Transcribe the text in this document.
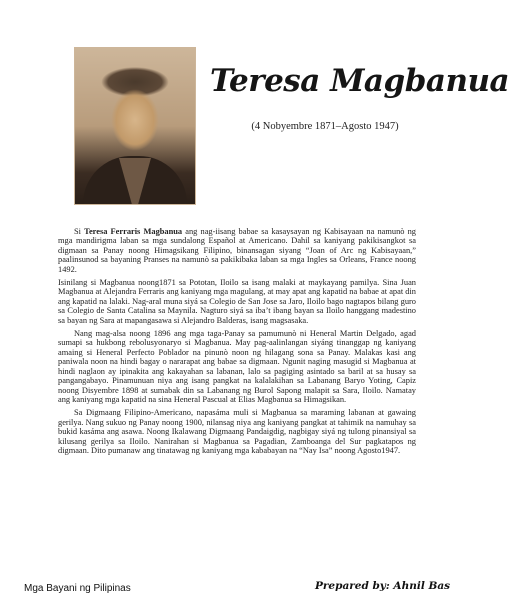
Teresa Magbanua
(4 Nobyembre 1871–Agosto 1947)

Si Teresa Ferraris Magbanua ang nag-iisang babae sa kasaysayan ng Kabisayaan na namunò ng mga mandirigma laban sa mga sundalong Español at Americano. Dahil sa kaniyang pakikisangkot sa digmaan sa Panay noong Himagsikang Filipino, binansagan siyang “Joan of Arc ng Kabisayaan,” paalinsunod sa bayaning Pranses na namunò sa pakikibaka laban sa mga Ingles sa Orleans, France noong 1492.

Isinilang si Magbanua noong1871 sa Pototan, Iloilo sa isang malaki at maykayang pamilya. Sina Juan Magbanua at Alejandra Ferraris ang kaniyang mga magulang, at may apat ang kapatid na babae at apat din ang kapatid na lalaki. Nag-aral muna siyá sa Colegio de San Jose sa Jaro, Iloilo bago nagtapos bilang guro sa Colegio de Santa Catalina sa Maynila. Nagturo siyá sa iba’t ibang bayan sa Iloilo hanggang madestino sa bayan ng Sara at mapangasawa si Alejandro Balderas, isang magsasaka.

Nang mag-alsa noong 1896 ang mga taga-Panay sa pamumunò ni Heneral Martin Delgado, agad sumapi sa hukbong rebolusyonaryo si Magbanua. May pag-aalinlangan siyáng tinanggap ng kaniyang amaing si Heneral Perfecto Poblador na pinunò noon ng hilagang sona sa Panay. Malakas kasi ang paniwala noon na hindi bagay o nararapat ang babae sa digmaan. Ngunit naging masugid si Magbanua at hindi naglaon ay ipinakita ang kakayahan sa labanan, lalo sa pagiging asintado sa baril at sa husay sa pangangabayo. Pinamunuan niya ang isang pangkat na kalalakihan sa Labanang Baryo Yoting, Capiz noong Disyembre 1898 at sumabak din sa Labanang ng Burol Sapong malapit sa Sara, Iloilo. Namatay ang kaniyang mga kapatid na sina Heneral Pascual at Elias Magbanua sa Himagsikan.

Sa Digmaang Filipino-Americano, napasáma muli si Magbanua sa maraming labanan at gawaing gerilya. Nang sukuo ng Panay noong 1900, nilansag niya ang kaniyang pangkat at tahimik na namuhay sa bukid kasáma ang asawa. Noong Ikalawang Digmaang Pandaigdig, nagbigay siyá ng tulong pinansiyal sa kilusang gerilya sa Iloilo. Nanirahan si Magbanua sa Pagadian, Zamboanga del Sur pagkatapos ng digmaan. Dito pumanaw ang tinatawag ng kaniyang mga kababayan na “Nay Isa” noong Agosto1947.

Mga Bayani ng Pilipinas	Prepared by: Ahnil Bas
